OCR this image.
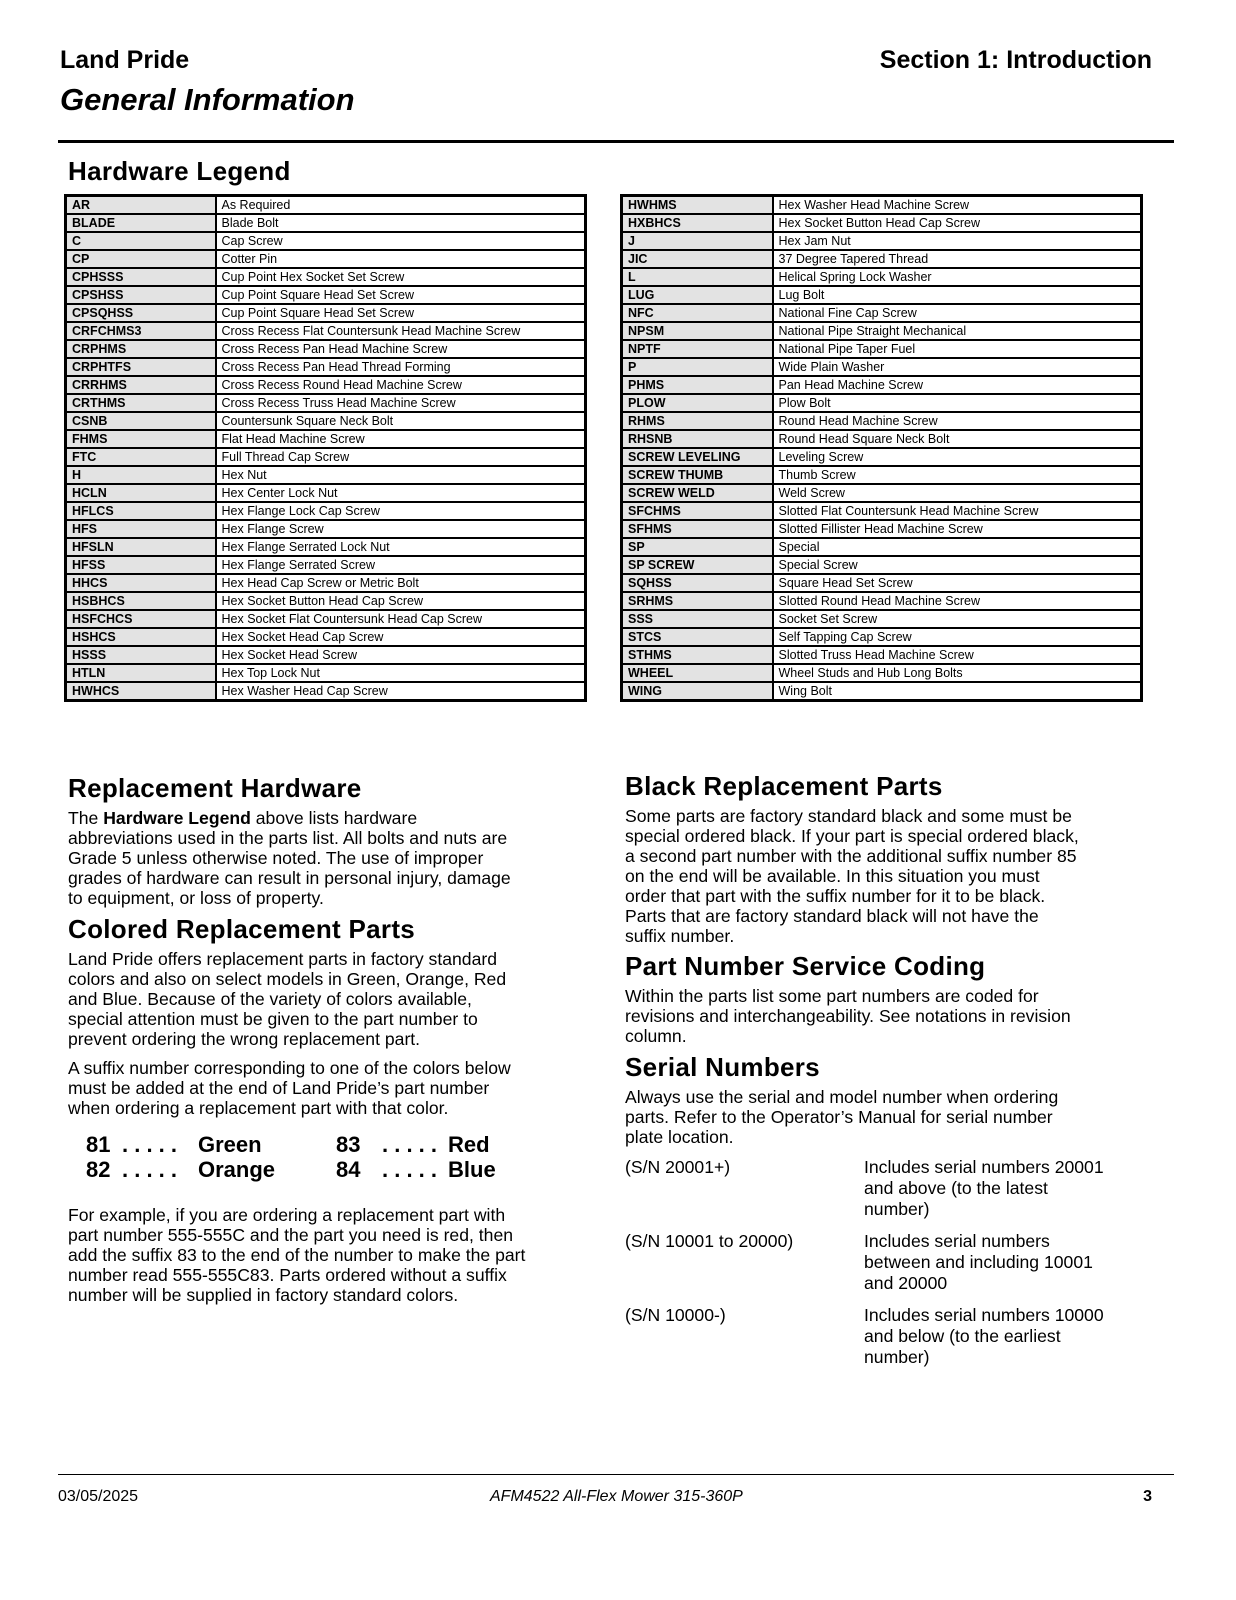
Land Pride	Section 1: Introduction
General Information
Hardware Legend
AR	As Required
BLADE	Blade Bolt
C	Cap Screw
CP	Cotter Pin
CPHSSS	Cup Point Hex Socket Set Screw
CPSHSS	Cup Point Square Head Set Screw
CPSQHSS	Cup Point Square Head Set Screw
CRFCHMS3	Cross Recess Flat Countersunk Head Machine Screw
CRPHMS	Cross Recess Pan Head Machine Screw
CRPHTFS	Cross Recess Pan Head Thread Forming
CRRHMS	Cross Recess Round Head Machine Screw
CRTHMS	Cross Recess Truss Head Machine Screw
CSNB	Countersunk Square Neck Bolt
FHMS	Flat Head Machine Screw
FTC	Full Thread Cap Screw
H	Hex Nut
HCLN	Hex Center Lock Nut
HFLCS	Hex Flange Lock Cap Screw
HFS	Hex Flange Screw
HFSLN	Hex Flange Serrated Lock Nut
HFSS	Hex Flange Serrated Screw
HHCS	Hex Head Cap Screw or Metric Bolt
HSBHCS	Hex Socket Button Head Cap Screw
HSFCHCS	Hex Socket Flat Countersunk Head Cap Screw
HSHCS	Hex Socket Head Cap Screw
HSSS	Hex Socket Head Screw
HTLN	Hex Top Lock Nut
HWHCS	Hex Washer Head Cap Screw
HWHMS	Hex Washer Head Machine Screw
HXBHCS	Hex Socket Button Head Cap Screw
J	Hex Jam Nut
JIC	37 Degree Tapered Thread
L	Helical Spring Lock Washer
LUG	Lug Bolt
NFC	National Fine Cap Screw
NPSM	National Pipe Straight Mechanical
NPTF	National Pipe Taper Fuel
P	Wide Plain Washer
PHMS	Pan Head Machine Screw
PLOW	Plow Bolt
RHMS	Round Head Machine Screw
RHSNB	Round Head Square Neck Bolt
SCREW LEVELING	Leveling Screw
SCREW THUMB	Thumb Screw
SCREW WELD	Weld Screw
SFCHMS	Slotted Flat Countersunk Head Machine Screw
SFHMS	Slotted Fillister Head Machine Screw
SP	Special
SP SCREW	Special Screw
SQHSS	Square Head Set Screw
SRHMS	Slotted Round Head Machine Screw
SSS	Socket Set Screw
STCS	Self Tapping Cap Screw
STHMS	Slotted Truss Head Machine Screw
WHEEL	Wheel Studs and Hub Long Bolts
WING	Wing Bolt
Replacement Hardware
The Hardware Legend above lists hardware
abbreviations used in the parts list. All bolts and nuts are
Grade 5 unless otherwise noted. The use of improper
grades of hardware can result in personal injury, damage
to equipment, or loss of property.
Colored Replacement Parts
Land Pride offers replacement parts in factory standard
colors and also on select models in Green, Orange, Red
and Blue. Because of the variety of colors available,
special attention must be given to the part number to
prevent ordering the wrong replacement part.
A suffix number corresponding to one of the colors below
must be added at the end of Land Pride’s part number
when ordering a replacement part with that color.
81 . . . . . Green	83 . . . . . Red
82 . . . . . Orange	84 . . . . . Blue
For example, if you are ordering a replacement part with
part number 555-555C and the part you need is red, then
add the suffix 83 to the end of the number to make the part
number read 555-555C83. Parts ordered without a suffix
number will be supplied in factory standard colors.
Black Replacement Parts
Some parts are factory standard black and some must be
special ordered black. If your part is special ordered black,
a second part number with the additional suffix number 85
on the end will be available. In this situation you must
order that part with the suffix number for it to be black.
Parts that are factory standard black will not have the
suffix number.
Part Number Service Coding
Within the parts list some part numbers are coded for
revisions and interchangeability. See notations in revision
column.
Serial Numbers
Always use the serial and model number when ordering
parts. Refer to the Operator’s Manual for serial number
plate location.
(S/N 20001+)	Includes serial numbers 20001
and above (to the latest
number)
(S/N 10001 to 20000)	Includes serial numbers
between and including 10001
and 20000
(S/N 10000-)	Includes serial numbers 10000
and below (to the earliest
number)
03/05/2025	AFM4522 All-Flex Mower 315-360P	3
